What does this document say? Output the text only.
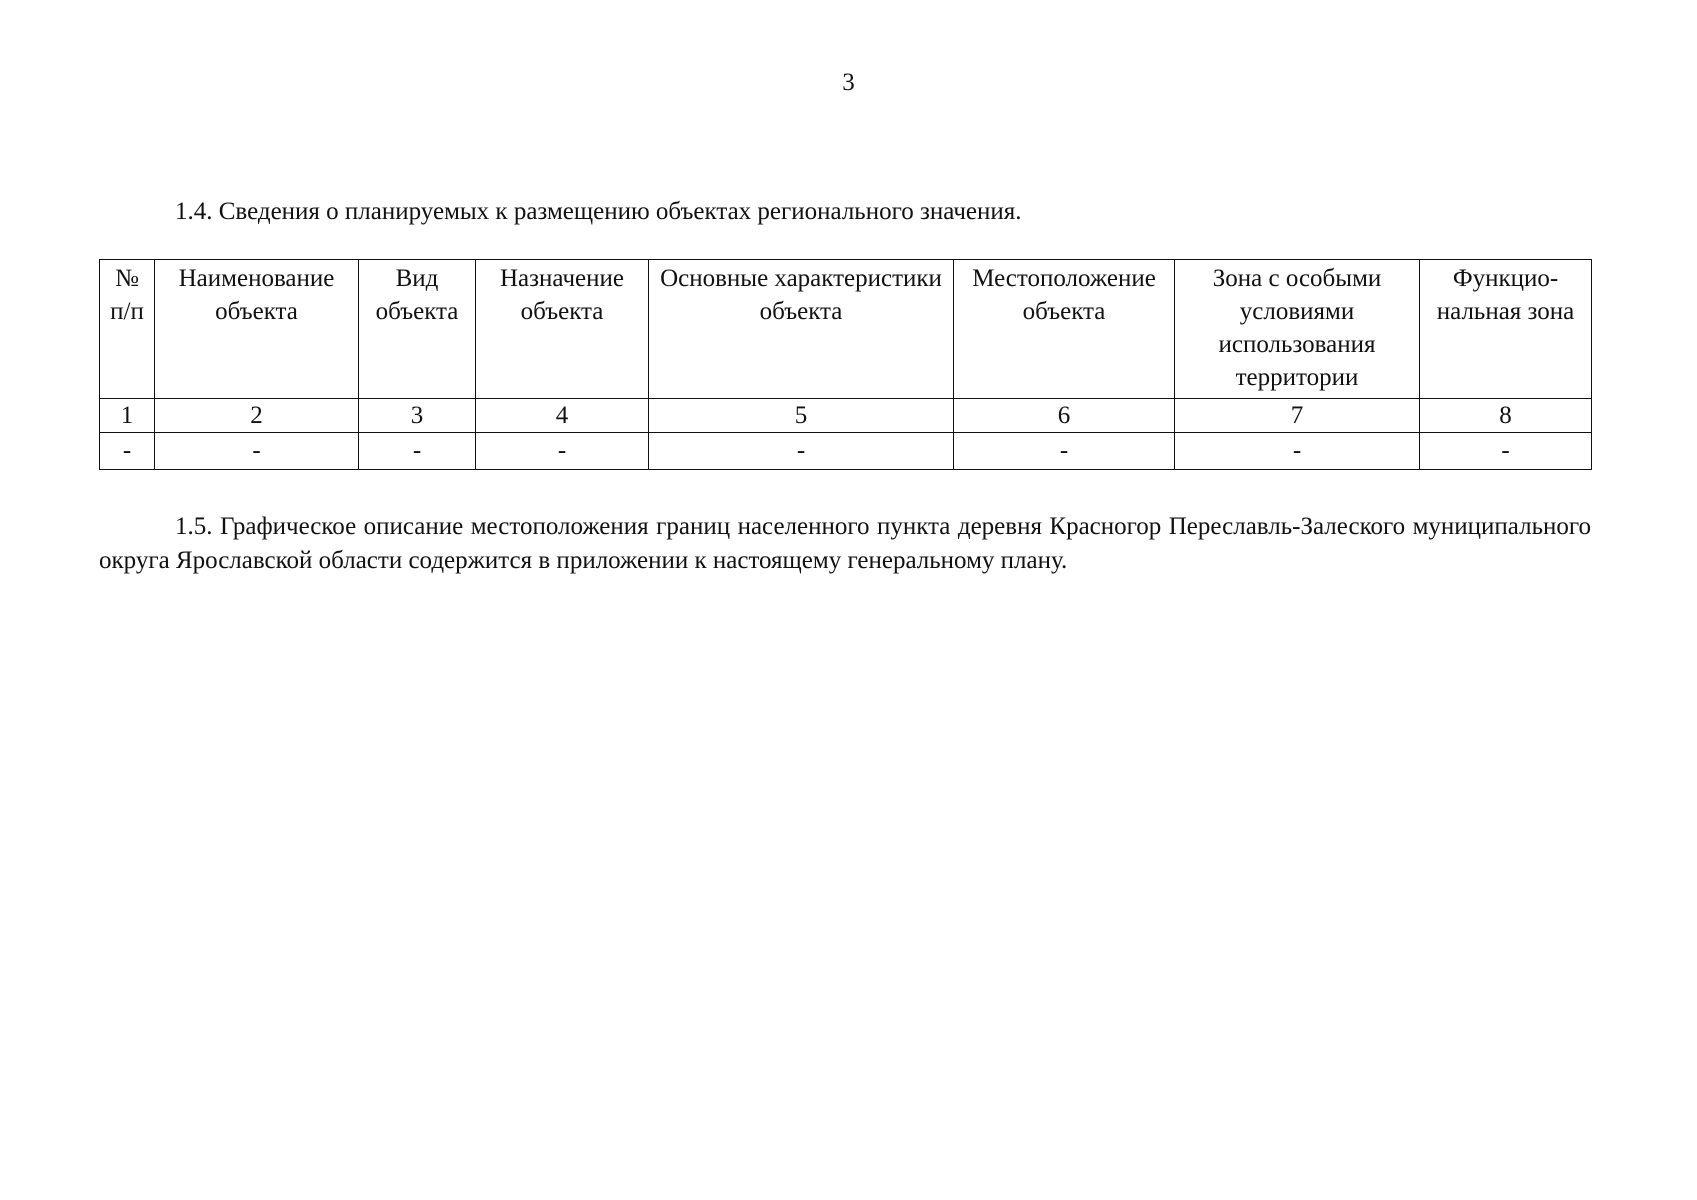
3
1.4. Сведения о планируемых к размещению объектах регионального значения.
№ п/п	Наименование объекта	Вид объекта	Назначение объекта	Основные характеристики объекта	Местоположение объекта	Зона с особыми условиями использования территории	Функцио-нальная зона
1	2	3	4	5	6	7	8
-	-	-	-	-	-	-	-
1.5. Графическое описание местоположения границ населенного пункта деревня Красногор Переславль-Залеского муниципального округа Ярославской области содержится в приложении к настоящему генеральному плану.
